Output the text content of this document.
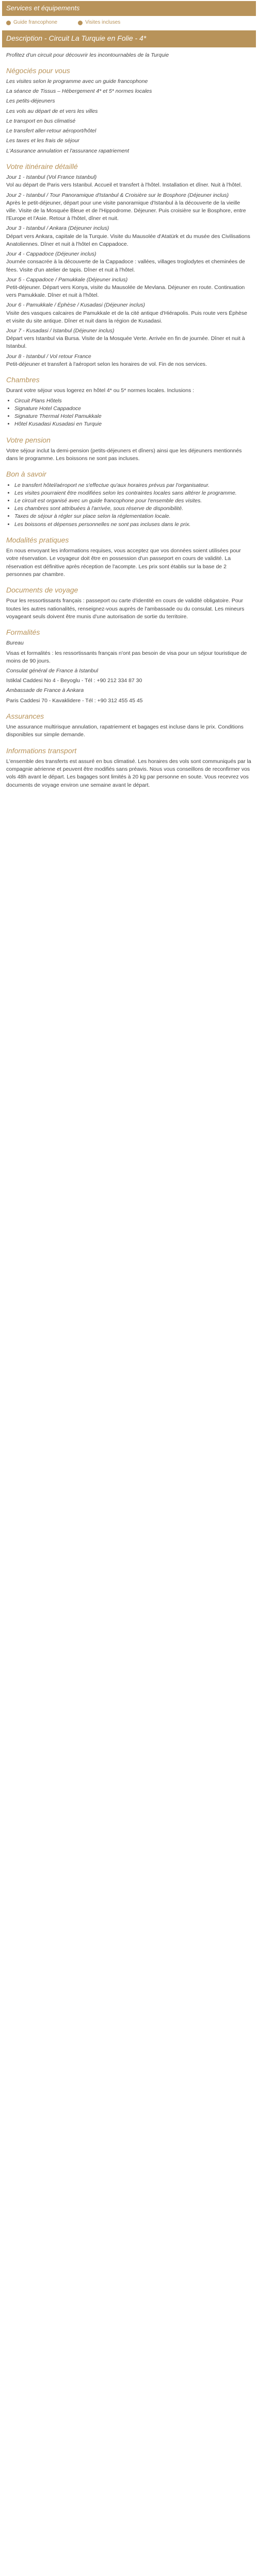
Services et équipements
Guide francophone	Visites incluses
Description - Circuit La Turquie en Folie - 4*

Profitez d'un circuit pour découvrir les incontournables de la Turquie

Négociés pour vous

Les visites selon le programme avec un guide francophone

La séance de Tissus – Hébergement 4* et 5* normes locales

Les petits-déjeuners

Les vols au départ de et vers les villes

Le transport en bus climatisé

Le transfert aller-retour aéroport/hôtel

Les taxes et les frais de séjour

L'Assurance annulation et l'assurance rapatriement

Votre itinéraire détaillé

Jour 1 - Istanbul (Vol France Istanbul)

Vol au départ de Paris vers Istanbul. Accueil et transfert à l'hôtel. Installation et dîner. Nuit à l'hôtel.

Jour 2 - Istanbul / Tour Panoramique d'Istanbul & Croisière sur le Bosphore (Déjeuner inclus)

Après le petit-déjeuner, départ pour une visite panoramique d'Istanbul à la découverte de la vieille ville. Visite de la Mosquée Bleue et de l'Hippodrome. Déjeuner. Puis croisière sur le Bosphore, entre l'Europe et l'Asie. Retour à l'hôtel, dîner et nuit.

Jour 3 - Istanbul / Ankara (Déjeuner inclus)

Départ vers Ankara, capitale de la Turquie. Visite du Mausolée d'Atatürk et du musée des Civilisations Anatoliennes. Dîner et nuit à l'hôtel en Cappadoce.

Jour 4 - Cappadoce (Déjeuner inclus)

Journée consacrée à la découverte de la Cappadoce : vallées, villages troglodytes et cheminées de fées. Visite d'un atelier de tapis. Dîner et nuit à l'hôtel.

Jour 5 - Cappadoce / Pamukkale (Déjeuner inclus)

Petit-déjeuner. Départ vers Konya, visite du Mausolée de Mevlana. Déjeuner en route. Continuation vers Pamukkale. Dîner et nuit à l'hôtel.

Jour 6 - Pamukkale / Éphèse / Kusadasi (Déjeuner inclus)

Visite des vasques calcaires de Pamukkale et de la cité antique d'Hiérapolis. Puis route vers Éphèse et visite du site antique. Dîner et nuit dans la région de Kusadasi.

Jour 7 - Kusadasi / Istanbul (Déjeuner inclus)

Départ vers Istanbul via Bursa. Visite de la Mosquée Verte. Arrivée en fin de journée. Dîner et nuit à Istanbul.

Jour 8 - Istanbul / Vol retour France

Petit-déjeuner et transfert à l'aéroport selon les horaires de vol. Fin de nos services.

Chambres

Durant votre séjour vous logerez en hôtel 4* ou 5* normes locales. Inclusions :

• Circuit Plans Hôtels
• Signature Hotel Cappadoce
• Signature Thermal Hotel Pamukkale
• Hôtel Kusadasi Kusadasi en Turquie
Votre pension

Votre séjour inclut la demi-pension (petits-déjeuners et dîners) ainsi que les déjeuners mentionnés dans le programme. Les boissons ne sont pas incluses.

Bon à savoir
• Le transfert hôtel/aéroport ne s'effectue qu'aux horaires prévus par l'organisateur.
• Les visites pourraient être modifiées selon les contraintes locales sans altérer le programme.
• Le circuit est organisé avec un guide francophone pour l'ensemble des visites.
• Les chambres sont attribuées à l'arrivée, sous réserve de disponibilité.
• Taxes de séjour à régler sur place selon la réglementation locale.
• Les boissons et dépenses personnelles ne sont pas incluses dans le prix.
Modalités pratiques

En nous envoyant les informations requises, vous acceptez que vos données soient utilisées pour votre réservation. Le voyageur doit être en possession d'un passeport en cours de validité. La réservation est définitive après réception de l'acompte. Les prix sont établis sur la base de 2 personnes par chambre.

Documents de voyage

Pour les ressortissants français : passeport ou carte d'identité en cours de validité obligatoire. Pour toutes les autres nationalités, renseignez-vous auprès de l'ambassade ou du consulat. Les mineurs voyageant seuls doivent être munis d'une autorisation de sortie du territoire.

Formalités

Bureau

Visas et formalités : les ressortissants français n'ont pas besoin de visa pour un séjour touristique de moins de 90 jours.

Consulat général de France à Istanbul

Istiklal Caddesi No 4 - Beyoglu - Tél : +90 212 334 87 30

Ambassade de France à Ankara

Paris Caddesi 70 - Kavaklidere - Tél : +90 312 455 45 45

Assurances

Une assurance multirisque annulation, rapatriement et bagages est incluse dans le prix. Conditions disponibles sur simple demande.

Informations transport

L'ensemble des transferts est assuré en bus climatisé. Les horaires des vols sont communiqués par la compagnie aérienne et peuvent être modifiés sans préavis. Nous vous conseillons de reconfirmer vos vols 48h avant le départ. Les bagages sont limités à 20 kg par personne en soute. Vous recevrez vos documents de voyage environ une semaine avant le départ.
